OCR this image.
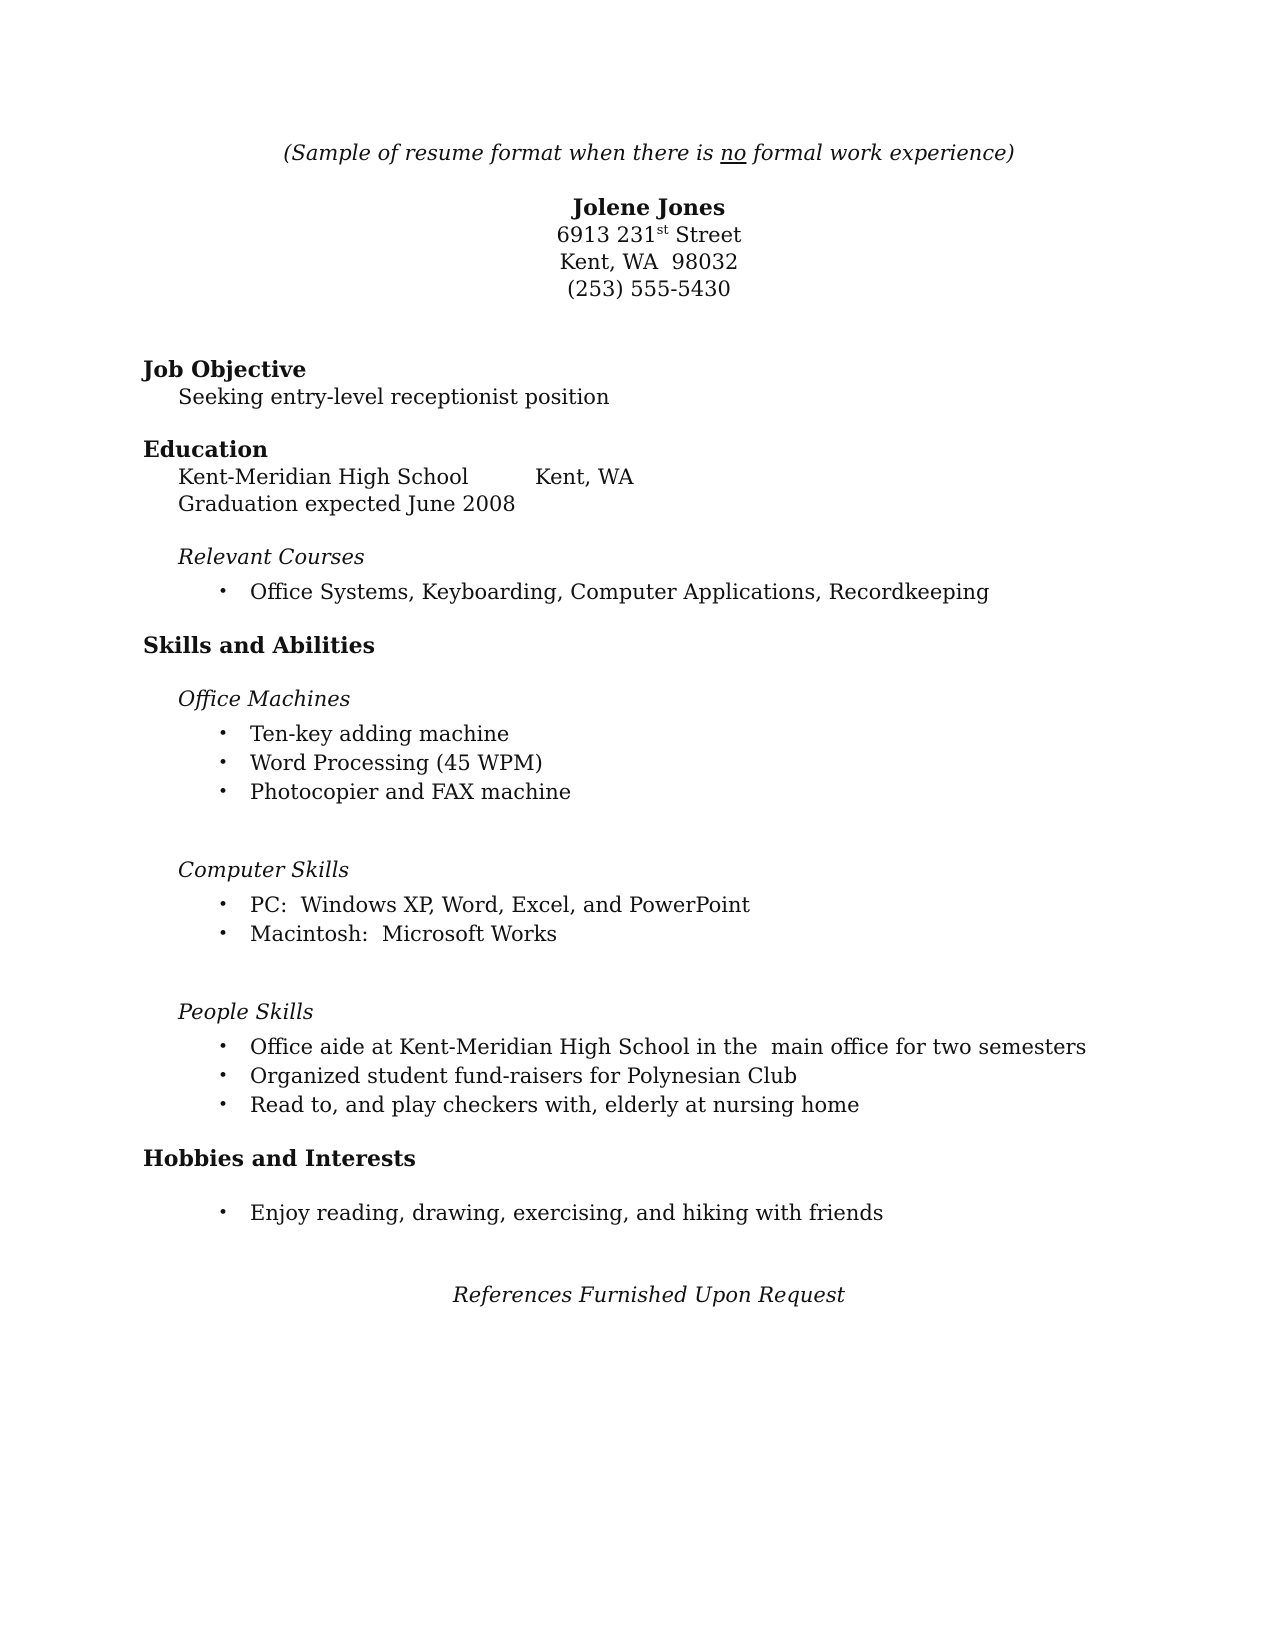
(Sample of resume format when there is no formal work experience)

Jolene Jones

6913 231st Street

Kent, WA  98032

(253) 555-5430

Job Objective

Seeking entry-level receptionist position

Education

Kent-Meridian High School	Kent, WA

Graduation expected June 2008

Relevant Courses
•	Office Systems, Keyboarding, Computer Applications, Recordkeeping
Skills and Abilities
Office Machines
•	Ten-key adding machine
•	Word Processing (45 WPM)
•	Photocopier and FAX machine
Computer Skills
•	PC:  Windows XP, Word, Excel, and PowerPoint
•	Macintosh:  Microsoft Works
People Skills
•	Office aide at Kent-Meridian High School in the  main office for two semesters
•	Organized student fund-raisers for Polynesian Club
•	Read to, and play checkers with, elderly at nursing home
Hobbies and Interests
•	Enjoy reading, drawing, exercising, and hiking with friends

References Furnished Upon Request
